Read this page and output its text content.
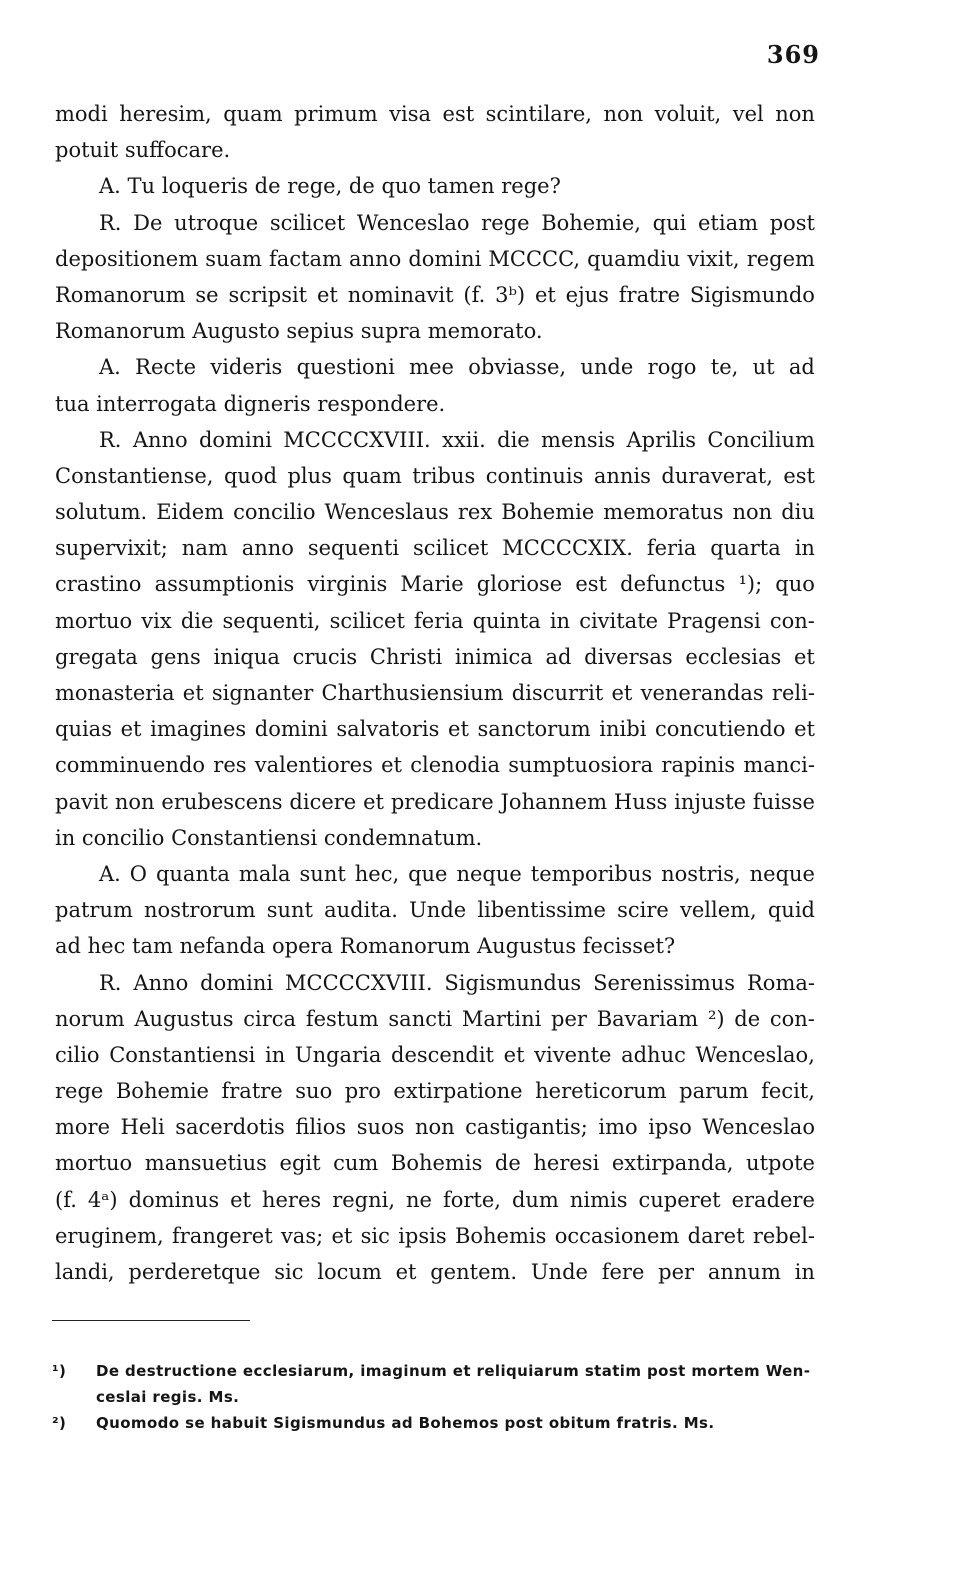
369
modi heresim, quam primum visa est scintilare, non voluit, vel non
potuit suffocare.
A. Tu loqueris de rege, de quo tamen rege?
R. De utroque scilicet Wenceslao rege Bohemie, qui etiam post
depositionem suam factam anno domini MCCCC, quamdiu vixit, regem
Romanorum se scripsit et nominavit (f. 3ᵇ) et ejus fratre Sigismundo
Romanorum Augusto sepius supra memorato.
A. Recte videris questioni mee obviasse, unde rogo te, ut ad
tua interrogata digneris respondere.
R. Anno domini MCCCCXVIII. xxii. die mensis Aprilis Concilium
Constantiense, quod plus quam tribus continuis annis duraverat, est
solutum. Eidem concilio Wenceslaus rex Bohemie memoratus non diu
supervixit; nam anno sequenti scilicet MCCCCXIX. feria quarta in
crastino assumptionis virginis Marie gloriose est defunctus ¹); quo
mortuo vix die sequenti, scilicet feria quinta in civitate Pragensi con-
gregata gens iniqua crucis Christi inimica ad diversas ecclesias et
monasteria et signanter Charthusiensium discurrit et venerandas reli-
quias et imagines domini salvatoris et sanctorum inibi concutiendo et
comminuendo res valentiores et clenodia sumptuosiora rapinis manci-
pavit non erubescens dicere et predicare Johannem Huss injuste fuisse
in concilio Constantiensi condemnatum.
A. O quanta mala sunt hec, que neque temporibus nostris, neque
patrum nostrorum sunt audita. Unde libentissime scire vellem, quid
ad hec tam nefanda opera Romanorum Augustus fecisset?
R. Anno domini MCCCCXVIII. Sigismundus Serenissimus Roma-
norum Augustus circa festum sancti Martini per Bavariam ²) de con-
cilio Constantiensi in Ungaria descendit et vivente adhuc Wenceslao,
rege Bohemie fratre suo pro extirpatione hereticorum parum fecit,
more Heli sacerdotis filios suos non castigantis; imo ipso Wenceslao
mortuo mansuetius egit cum Bohemis de heresi extirpanda, utpote
(f. 4ᵃ) dominus et heres regni, ne forte, dum nimis cuperet eradere
eruginem, frangeret vas; et sic ipsis Bohemis occasionem daret rebel-
landi, perderetque sic locum et gentem. Unde fere per annum in
¹) De destructione ecclesiarum, imaginum et reliquiarum statim post mortem Wen-
ceslai regis. Ms.
²) Quomodo se habuit Sigismundus ad Bohemos post obitum fratris. Ms.
